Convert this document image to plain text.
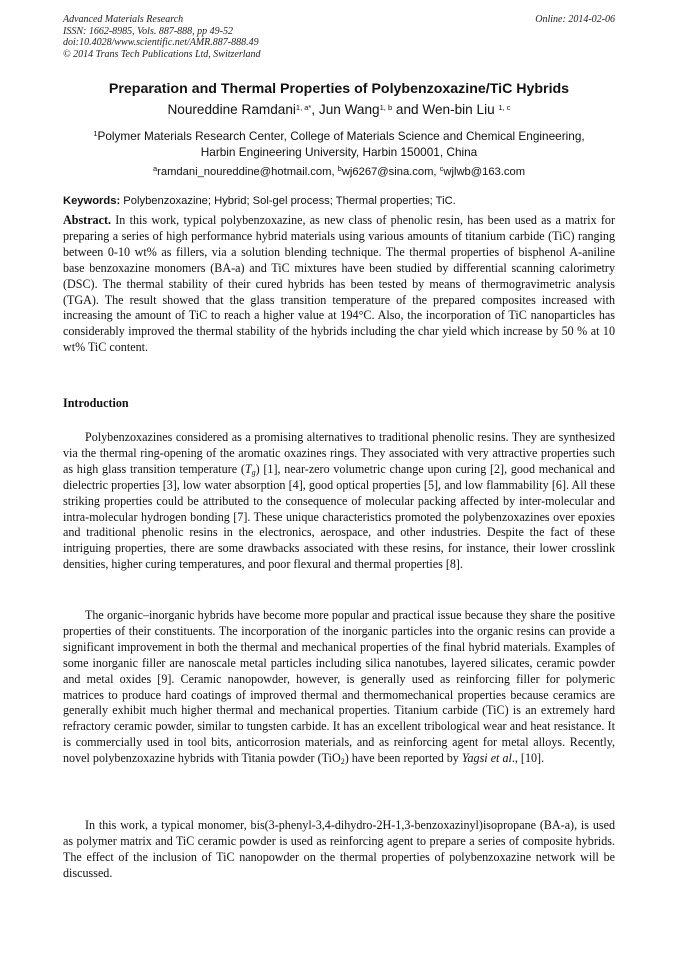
Advanced Materials Research
ISSN: 1662-8985, Vols. 887-888, pp 49-52
doi:10.4028/www.scientific.net/AMR.887-888.49
© 2014 Trans Tech Publications Ltd, Switzerland
Online: 2014-02-06
Preparation and Thermal Properties of Polybenzoxazine/TiC Hybrids
Noureddine Ramdani$^{1, a*}$, Jun Wang$^{1, b}$ and Wen-bin Liu $^{1, c}$
$^1$Polymer Materials Research Center, College of Materials Science and Chemical Engineering,
Harbin Engineering University, Harbin 150001, China
$^a$ramdani_noureddine@hotmail.com, $^b$wj6267@sina.com, $^c$wjlwb@163.com
Keywords: Polybenzoxazine; Hybrid; Sol-gel process; Thermal properties; TiC.
Abstract. In this work, typical polybenzoxazine, as new class of phenolic resin, has been used as a matrix for preparing a series of high performance hybrid materials using various amounts of titanium carbide (TiC) ranging between 0-10 wt% as fillers, via a solution blending technique. The thermal properties of bisphenol A-aniline base benzoxazine monomers (BA-a) and TiC mixtures have been studied by differential scanning calorimetry (DSC). The thermal stability of their cured hybrids has been tested by means of thermogravimetric analysis (TGA). The result showed that the glass transition temperature of the prepared composites increased with increasing the amount of TiC to reach a higher value at 194°C. Also, the incorporation of TiC nanoparticles has considerably improved the thermal stability of the hybrids including the char yield which increase by 50 % at 10 wt% TiC content.
Introduction
Polybenzoxazines considered as a promising alternatives to traditional phenolic resins. They are synthesized via the thermal ring-opening of the aromatic oxazines rings. They associated with very attractive properties such as high glass transition temperature $(T_g)$ [1], near-zero volumetric change upon curing [2], good mechanical and dielectric properties [3], low water absorption [4], good optical properties [5], and low flammability [6]. All these striking properties could be attributed to the consequence of molecular packing affected by inter-molecular and intra-molecular hydrogen bonding [7]. These unique characteristics promoted the polybenzoxazines over epoxies and traditional phenolic resins in the electronics, aerospace, and other industries. Despite the fact of these intriguing properties, there are some drawbacks associated with these resins, for instance, their lower crosslink densities, higher curing temperatures, and poor flexural and thermal properties [8].
The organic–inorganic hybrids have become more popular and practical issue because they share the positive properties of their constituents. The incorporation of the inorganic particles into the organic resins can provide a significant improvement in both the thermal and mechanical properties of the final hybrid materials. Examples of some inorganic filler are nanoscale metal particles including silica nanotubes, layered silicates, ceramic powder and metal oxides [9]. Ceramic nanopowder, however, is generally used as reinforcing filler for polymeric matrices to produce hard coatings of improved thermal and thermomechanical properties because ceramics are generally exhibit much higher thermal and mechanical properties. Titanium carbide (TiC) is an extremely hard refractory ceramic powder, similar to tungsten carbide. It has an excellent tribological wear and heat resistance. It is commercially used in tool bits, anticorrosion materials, and as reinforcing agent for metal alloys. Recently, novel polybenzoxazine hybrids with Titania powder (TiO$_2$) have been reported by Yagsi et al., [10].
In this work, a typical monomer, bis(3-phenyl-3,4-dihydro-2H-1,3-benzoxazinyl)isopropane (BA-a), is used as polymer matrix and TiC ceramic powder is used as reinforcing agent to prepare a series of composite hybrids. The effect of the inclusion of TiC nanopowder on the thermal properties of polybenzoxazine network will be discussed.
